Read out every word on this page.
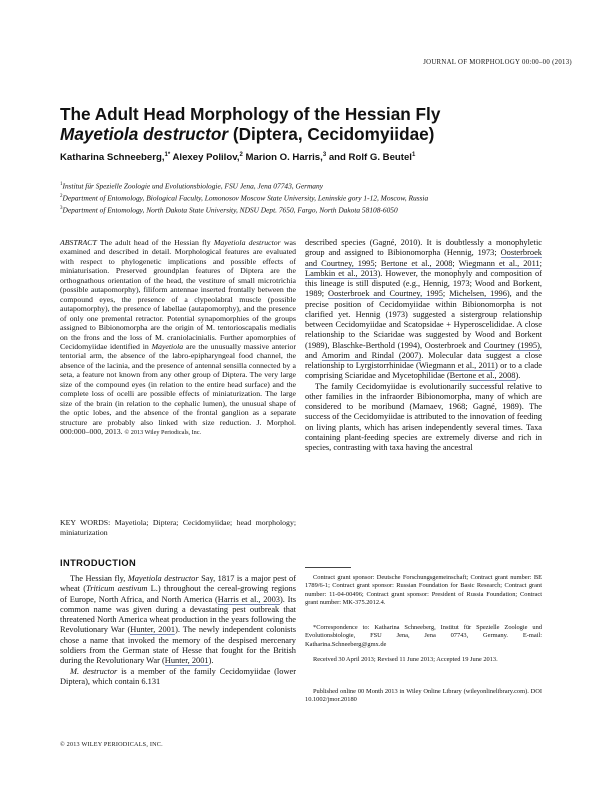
JOURNAL OF MORPHOLOGY 00:00–00 (2013)
The Adult Head Morphology of the Hessian Fly
Mayetiola destructor (Diptera, Cecidomyiidae)
Katharina Schneeberg,$^{1*}$ Alexey Polilov,$^2$ Marion O. Harris,$^3$ and Rolf G. Beutel$^1$

$^1$Institut für Spezielle Zoologie und Evolutionsbiologie, FSU Jena, Jena 07743, Germany

$^2$Department of Entomology, Biological Faculty, Lomonosov Moscow State University, Leninskie gory 1-12, Moscow, Russia

$^3$Department of Entomology, North Dakota State University, NDSU Dept. 7650, Fargo, North Dakota 58108-6050

ABSTRACT The adult head of the Hessian fly Mayetiola destructor was examined and described in detail. Morphological features are evaluated with respect to phylogenetic implications and possible effects of miniaturisation. Preserved groundplan features of Diptera are the orthognathous orientation of the head, the vestiture of small microtrichia (possible autapomorphy), filiform antennae inserted frontally between the compound eyes, the presence of a clypeolabral muscle (possible autapomorphy), the presence of labellae (autapomorphy), and the presence of only one premental retractor. Potential synapomorphies of the groups assigned to Bibionomorpha are the origin of M. tentorioscapalis medialis on the frons and the loss of M. craniolacinialis. Further apomorphies of Cecidomyiidae identified in Mayetiola are the unusually massive anterior tentorial arm, the absence of the labro-epipharyngeal food channel, the absence of the lacinia, and the presence of antennal sensilla connected by a seta, a feature not known from any other group of Diptera. The very large size of the compound eyes (in relation to the entire head surface) and the complete loss of ocelli are possible effects of miniaturization. The large size of the brain (in relation to the cephalic lumen), the unusual shape of the optic lobes, and the absence of the frontal ganglion as a separate structure are probably also linked with size reduction. J. Morphol. 000:000–000, 2013. © 2013 Wiley Periodicals, Inc.
KEY WORDS: Mayetiola; Diptera; Cecidomyiidae; head morphology; miniaturization
INTRODUCTION

The Hessian fly, Mayetiola destructor Say, 1817 is a major pest of wheat (Triticum aestivum L.) throughout the cereal-growing regions of Europe, North Africa, and North America (Harris et al., 2003). Its common name was given during a devastating pest outbreak that threatened North America wheat production in the years following the Revolutionary War (Hunter, 2001). The newly independent colonists chose a name that invoked the memory of the despised mercenary soldiers from the German state of Hesse that fought for the British during the Revolutionary War (Hunter, 2001).

M. destructor is a member of the family Cecidomyiidae (lower Diptera), which contain 6.131

described species (Gagné, 2010). It is doubtlessly a monophyletic group and assigned to Bibionomorpha (Hennig, 1973; Oosterbroek and Courtney, 1995; Bertone et al., 2008; Wiegmann et al., 2011; Lambkin et al., 2013). However, the monophyly and composition of this lineage is still disputed (e.g., Hennig, 1973; Wood and Borkent, 1989; Oosterbroek and Courtney, 1995; Michelsen, 1996), and the precise position of Cecidomyiidae within Bibionomorpha is not clarified yet. Hennig (1973) suggested a sistergroup relationship between Cecidomyiidae and Scatopsidae + Hyperoscelididae. A close relationship to the Sciaridae was suggested by Wood and Borkent (1989), Blaschke-Berthold (1994), Oosterbroek and Courtney (1995), and Amorim and Rindal (2007). Molecular data suggest a close relationship to Lyrgistorrhinidae (Wiegmann et al., 2011) or to a clade comprising Sciaridae and Mycetophilidae (Bertone et al., 2008).

The family Cecidomyiidae is evolutionarily successful relative to other families in the infraorder Bibionomorpha, many of which are considered to be moribund (Mamaev, 1968; Gagné, 1989). The success of the Cecidomyiidae is attributed to the innovation of feeding on living plants, which has arisen independently several times. Taxa containing plant-feeding species are extremely diverse and rich in species, contrasting with taxa having the ancestral

Contract grant sponsor: Deutsche Forschungsgemeinschaft; Contract grant number: BE 1789/6-1; Contract grant sponsor: Russian Foundation for Basic Research; Contract grant number: 11-04-00496; Contract grant sponsor: President of Russia Foundation; Contract grant number: MK-375.2012.4.

*Correspondence to: Katharina Schneeberg, Institut für Spezielle Zoologie und Evolutionsbiologie, FSU Jena, Jena 07743, Germany. E-mail: Katharina.Schneeberg@gmx.de

Received 30 April 2013; Revised 11 June 2013; Accepted 19 June 2013.

Published online 00 Month 2013 in Wiley Online Library (wileyonlinelibrary.com). DOI 10.1002/jmor.20180

© 2013 WILEY PERIODICALS, INC.
